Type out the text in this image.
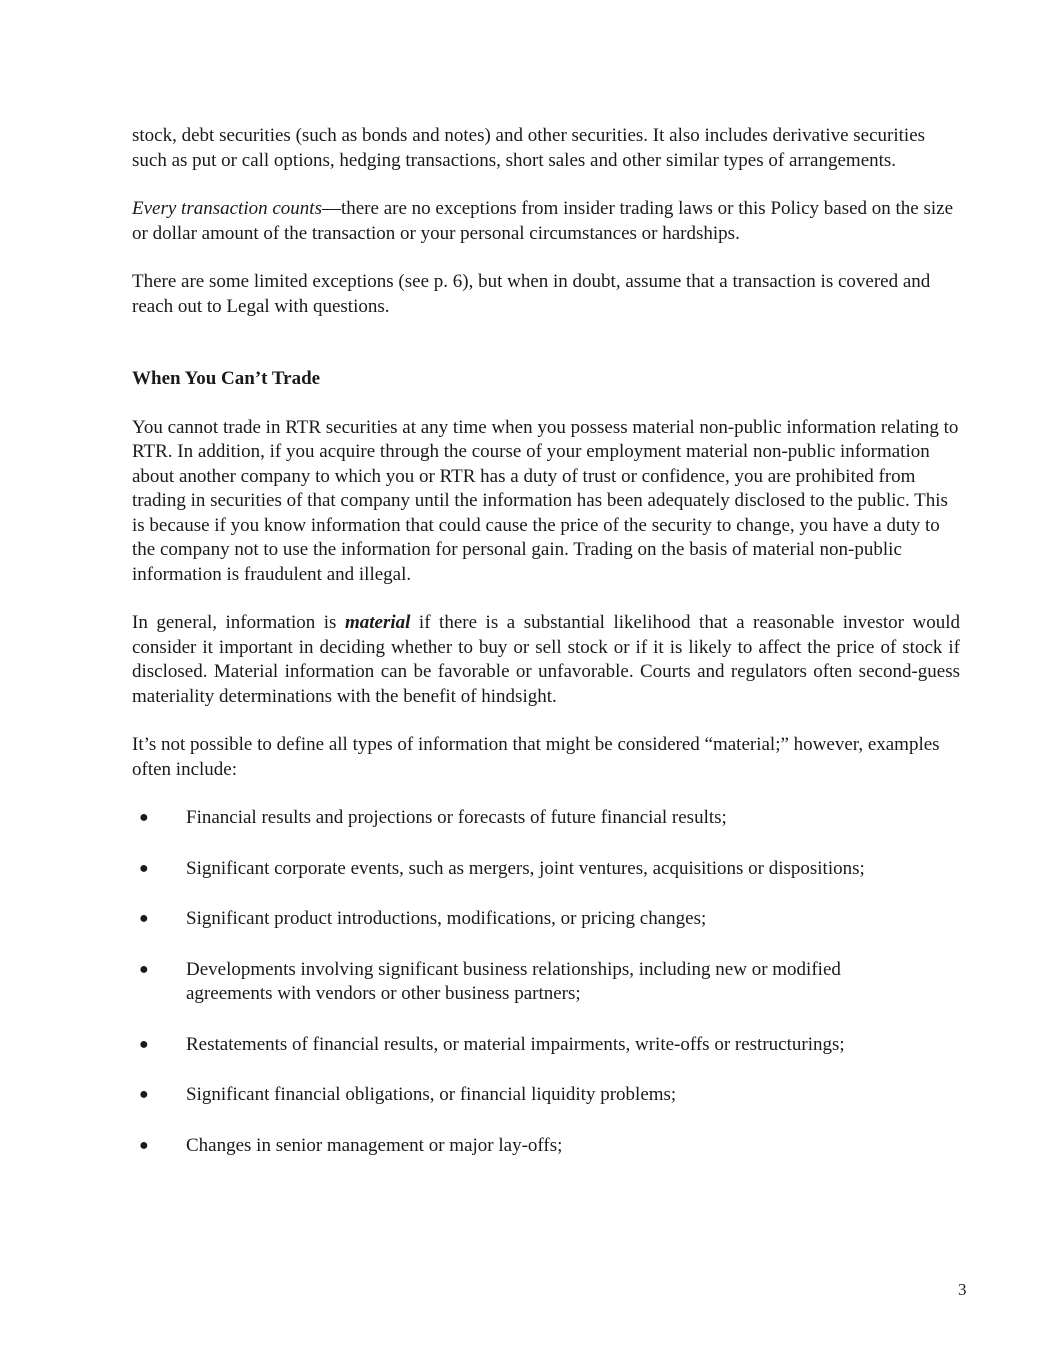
stock, debt securities (such as bonds and notes) and other securities. It also includes derivative securities such as put or call options, hedging transactions, short sales and other similar types of arrangements.

Every transaction counts—there are no exceptions from insider trading laws or this Policy based on the size or dollar amount of the transaction or your personal circumstances or hardships.

There are some limited exceptions (see p. 6), but when in doubt, assume that a transaction is covered and reach out to Legal with questions.

When You Can’t Trade

You cannot trade in RTR securities at any time when you possess material non-public information relating to RTR. In addition, if you acquire through the course of your employment material non-public information about another company to which you or RTR has a duty of trust or confidence, you are prohibited from trading in securities of that company until the information has been adequately disclosed to the public. This is because if you know information that could cause the price of the security to change, you have a duty to the company not to use the information for personal gain. Trading on the basis of material non-public information is fraudulent and illegal.

In general, information is material if there is a substantial likelihood that a reasonable investor would consider it important in deciding whether to buy or sell stock or if it is likely to affect the price of stock if disclosed. Material information can be favorable or unfavorable. Courts and regulators often second-guess materiality determinations with the benefit of hindsight.

It’s not possible to define all types of information that might be considered “material;” however, examples often include:

● Financial results and projections or forecasts of future financial results;
● Significant corporate events, such as mergers, joint ventures, acquisitions or dispositions;
● Significant product introductions, modifications, or pricing changes;
● Developments involving significant business relationships, including new or modified agreements with vendors or other business partners;
● Restatements of financial results, or material impairments, write-offs or restructurings;
● Significant financial obligations, or financial liquidity problems;
● Changes in senior management or major lay-offs;
3
